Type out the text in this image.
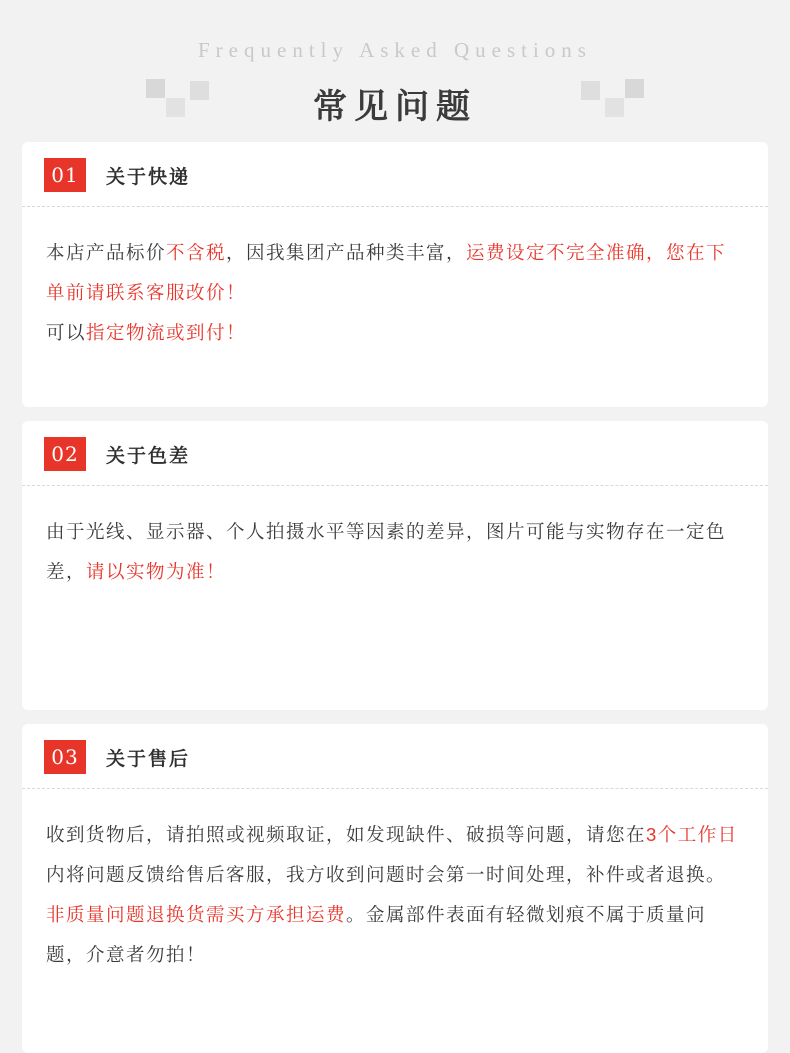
Frequently Asked Questions
常见问题
01	关于快递
本店产品标价不含税，因我集团产品种类丰富，运费设定不完全准确，您在下单前请联系客服改价！
可以指定物流或到付！
02	关于色差
由于光线、显示器、个人拍摄水平等因素的差异，图片可能与实物存在一定色差，请以实物为准！
03	关于售后
收到货物后，请拍照或视频取证，如发现缺件、破损等问题，请您在3个工作日内将问题反馈给售后客服，我方收到问题时会第一时间处理，补件或者退换。非质量问题退换货需买方承担运费。金属部件表面有轻微划痕不属于质量问题，介意者勿拍！
